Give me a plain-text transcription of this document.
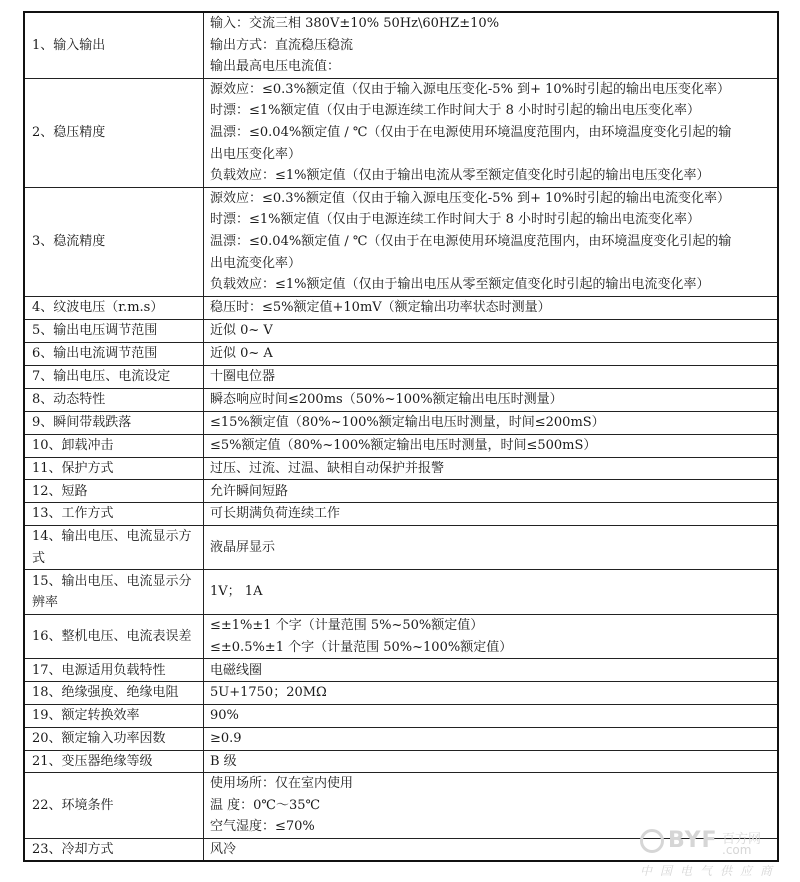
1、输入输出	输入：交流三相 380V±10% 50Hz\60HZ±10%
输出方式：直流稳压稳流
输出最高电压电流值：

2、稳压精度	源效应：≤0.3%额定值（仅由于输入源电压变化-5% 到+ 10%时引起的输出电压变化率）
时漂：≤1%额定值（仅由于电源连续工作时间大于 8 小时时引起的输出电压变化率）
温漂：≤0.04%额定值 / ℃（仅由于在电源使用环境温度范围内，由环境温度变化引起的输
出电压变化率）
负载效应：≤1%额定值（仅由于输出电流从零至额定值变化时引起的输出电压变化率）

3、稳流精度	源效应：≤0.3%额定值（仅由于输入源电压变化-5% 到+ 10%时引起的输出电流变化率）
时漂：≤1%额定值（仅由于电源连续工作时间大于 8 小时时引起的输出电流变化率）
温漂：≤0.04%额定值 / ℃（仅由于在电源使用环境温度范围内，由环境温度变化引起的输
出电流变化率）
负载效应：≤1%额定值（仅由于输出电压从零至额定值变化时引起的输出电流变化率）

4、纹波电压（r.m.s）	稳压时：≤5%额定值+10mV（额定输出功率状态时测量）

5、输出电压调节范围	近似 0~ V

6、输出电流调节范围	近似 0~ A

7、输出电压、电流设定	十圈电位器

8、动态特性	瞬态响应时间≤200ms（50%~100%额定输出电压时测量）

9、瞬间带载跌落	≤15%额定值（80%~100%额定输出电压时测量，时间≤200mS）

10、卸载冲击	≤5%额定值（80%~100%额定输出电压时测量，时间≤500mS）

11、保护方式	过压、过流、过温、缺相自动保护并报警

12、短路	允许瞬间短路

13、工作方式	可长期满负荷连续工作

14、输出电压、电流显示方式	液晶屏显示

15、输出电压、电流显示分辨率	1V； 1A

16、整机电压、电流表误差	≤±1%±1 个字（计量范围 5%~50%额定值）
≤±0.5%±1 个字（计量范围 50%~100%额定值）

17、电源适用负载特性	电磁线圈

18、绝缘强度、绝缘电阻	5U+1750；20MΩ

19、额定转换效率	90%

20、额定输入功率因数	≥0.9

21、变压器绝缘等级	B 级

22、环境条件	使用场所：仅在室内使用
温 度：0℃～35℃
空气湿度：≤70%

23、冷却方式	风冷	BYF 百方网
.com
中国电气供应商
